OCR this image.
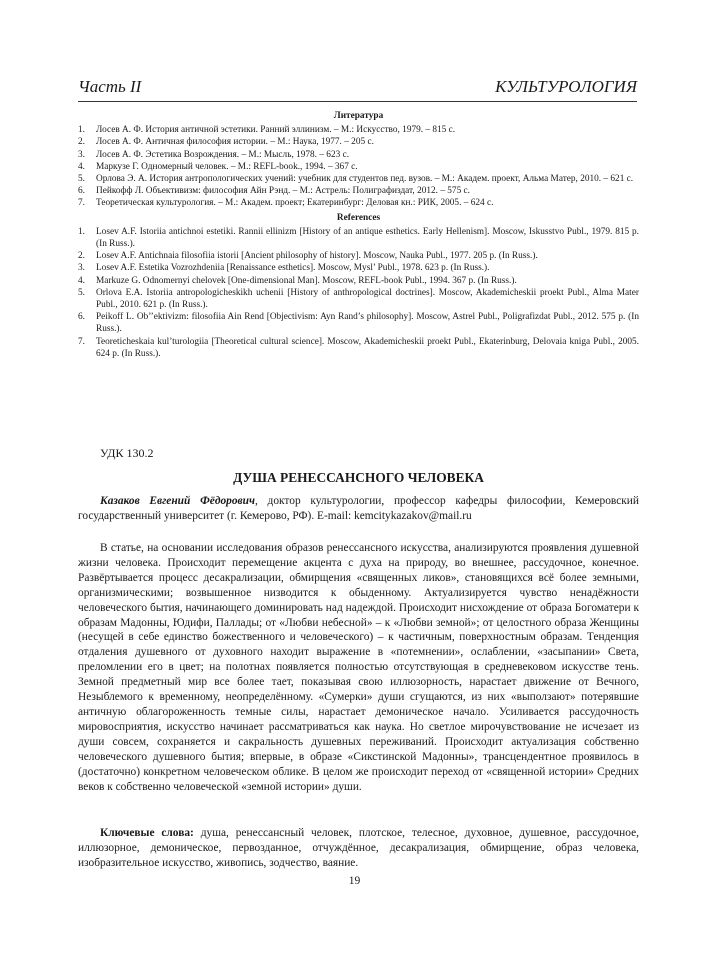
Часть II	КУЛЬТУРОЛОГИЯ
Литература
1. Лосев А. Ф. История античной эстетики. Ранний эллинизм. – М.: Искусство, 1979. – 815 с.
2. Лосев А. Ф. Античная философия истории. – М.: Наука, 1977. – 205 с.
3. Лосев А. Ф. Эстетика Возрождения. – М.: Мысль, 1978. – 623 с.
4. Маркузе Г. Одномерный человек. – М.: REFL-book., 1994. – 367 с.
5. Орлова Э. А. История антропологических учений: учебник для студентов пед. вузов. – М.: Академ. проект, Альма Матер, 2010. – 621 с.
6. Пейкофф Л. Объективизм: философия Айн Рэнд. – М.: Астрель: Полиграфиздат, 2012. – 575 с.
7. Теоретическая культурология. – М.: Академ. проект; Екатеринбург: Деловая кн.: РИК, 2005. – 624 с.
References
1. Losev A.F. Istoriia antichnoi estetiki. Rannii ellinizm [History of an antique esthetics. Early Hellenism]. Moscow, Iskusstvo Publ., 1979. 815 p. (In Russ.).
2. Losev A.F. Antichnaia filosofiia istorii [Ancient philosophy of history]. Moscow, Nauka Publ., 1977. 205 p. (In Russ.).
3. Losev A.F. Estetika Vozrozhdeniia [Renaissance esthetics]. Moscow, Mysl’ Publ., 1978. 623 p. (In Russ.).
4. Markuze G. Odnomernyi chelovek [One-dimensional Man]. Moscow, REFL-book Publ., 1994. 367 p. (In Russ.).
5. Orlova E.A. Istoriia antropologicheskikh uchenii [History of anthropological doctrines]. Moscow, Akademicheskii proekt Publ., Alma Mater Publ., 2010. 621 p. (In Russ.).
6. Peikoff L. Ob’’ektivizm: filosofiia Ain Rend [Objectivism: Ayn Rand’s philosophy]. Moscow, Astrel Publ., Poligrafizdat Publ., 2012. 575 p. (In Russ.).
7. Teoreticheskaia kul’turologiia [Theoretical cultural science]. Moscow, Akademicheskii proekt Publ., Ekaterinburg, Delovaia kniga Publ., 2005. 624 p. (In Russ.).
УДК 130.2
ДУША РЕНЕССАНСНОГО ЧЕЛОВЕКА

Казаков Евгений Фёдорович, доктор культурологии, профессор кафедры философии, Кемеровский государственный университет (г. Кемерово, РФ). E-mail: kemcitykazakov@mail.ru

В статье, на основании исследования образов ренессансного искусства, анализируются проявления душевной жизни человека. Происходит перемещение акцента с духа на природу, во внешнее, рассудочное, конечное. Развёртывается процесс десакрализации, обмирщения «священных ликов», становящихся всё более земными, организмическими; возвышенное низводится к обыденному. Актуализируется чувство ненадёжности человеческого бытия, начинающего доминировать над надеждой. Происходит нисхождение от образа Богоматери к образам Мадонны, Юдифи, Паллады; от «Любви небесной» – к «Любви земной»; от целостного образа Женщины (несущей в себе единство божественного и человеческого) – к частичным, поверхностным образам. Тенденция отдаления душевного от духовного находит выражение в «потемнении», ослаблении, «засыпании» Света, преломлении его в цвет; на полотнах появляется полностью отсутствующая в средневековом искусстве тень. Земной предметный мир все более тает, показывая свою иллюзорность, нарастает движение от Вечного, Незыблемого к временному, неопределённому. «Сумерки» души сгущаются, из них «выползают» потерявшие античную облагороженность темные силы, нарастает демоническое начало. Усиливается рассудочность мировосприятия, искусство начинает рассматриваться как наука. Но светлое мирочувствование не исчезает из души совсем, сохраняется и сакральность душевных переживаний. Происходит актуализация собственно человеческого душевного бытия; впервые, в образе «Сикстинской Мадонны», трансцендентное проявилось в (достаточно) конкретном человеческом облике. В целом же происходит переход от «священной истории» Средних веков к собственно человеческой «земной истории» души.

Ключевые слова: душа, ренессансный человек, плотское, телесное, духовное, душевное, рассудочное, иллюзорное, демоническое, первозданное, отчуждённое, десакрализация, обмирщение, образ человека, изобразительное искусство, живопись, зодчество, ваяние.

19
